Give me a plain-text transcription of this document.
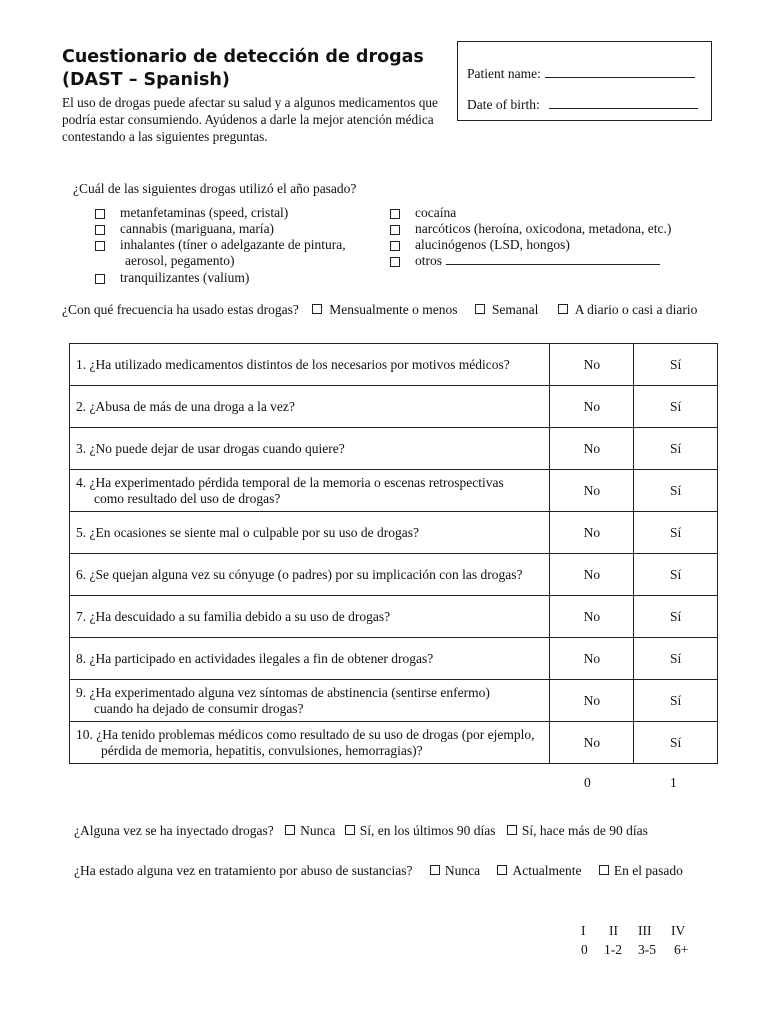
Cuestionario de detección de drogas
(DAST – Spanish)
El uso de drogas puede afectar su salud y a algunos medicamentos que podría estar consumiendo. Ayúdenos a darle la mejor atención médica contestando a las siguientes preguntas.
Patient name:
Date of birth:
¿Cuál de las siguientes drogas utilizó el año pasado?
metanfetaminas (speed, cristal)
cannabis (mariguana, maría)
inhalantes (tíner o adelgazante de pintura,
aerosol, pegamento)
tranquilizantes (valium)
cocaína
narcóticos (heroína, oxicodona, metadona, etc.)
alucinógenos (LSD, hongos)
otros
¿Con qué frecuencia ha usado estas drogas? Mensualmente o menos	Semanal	A diario o casi a diario
1. ¿Ha utilizado medicamentos distintos de los necesarios por motivos médicos?	No	Sí

2. ¿Abusa de más de una droga a la vez?	No	Sí

3. ¿No puede dejar de usar drogas cuando quiere?	No	Sí

4. ¿Ha experimentado pérdida temporal de la memoria o escenas retrospectivas
como resultado del uso de drogas?	No	Sí

5. ¿En ocasiones se siente mal o culpable por su uso de drogas?	No	Sí

6. ¿Se quejan alguna vez su cónyuge (o padres) por su implicación con las drogas?	No	Sí

7. ¿Ha descuidado a su familia debido a su uso de drogas?	No	Sí

8. ¿Ha participado en actividades ilegales a fin de obtener drogas?	No	Sí

9. ¿Ha experimentado alguna vez síntomas de abstinencia (sentirse enfermo)
cuando ha dejado de consumir drogas?	No	Sí

10. ¿Ha tenido problemas médicos como resultado de su uso de drogas (por ejemplo,
pérdida de memoria, hepatitis, convulsiones, hemorragias)?	No	Sí
0	1
¿Alguna vez se ha inyectado drogas? Nunca Sí, en los últimos 90 días Sí, hace más de 90 días
¿Ha estado alguna vez en tratamiento por abuso de sustancias? Nunca Actualmente En el pasado
I II III IV
0 1-2 3-5 6+
